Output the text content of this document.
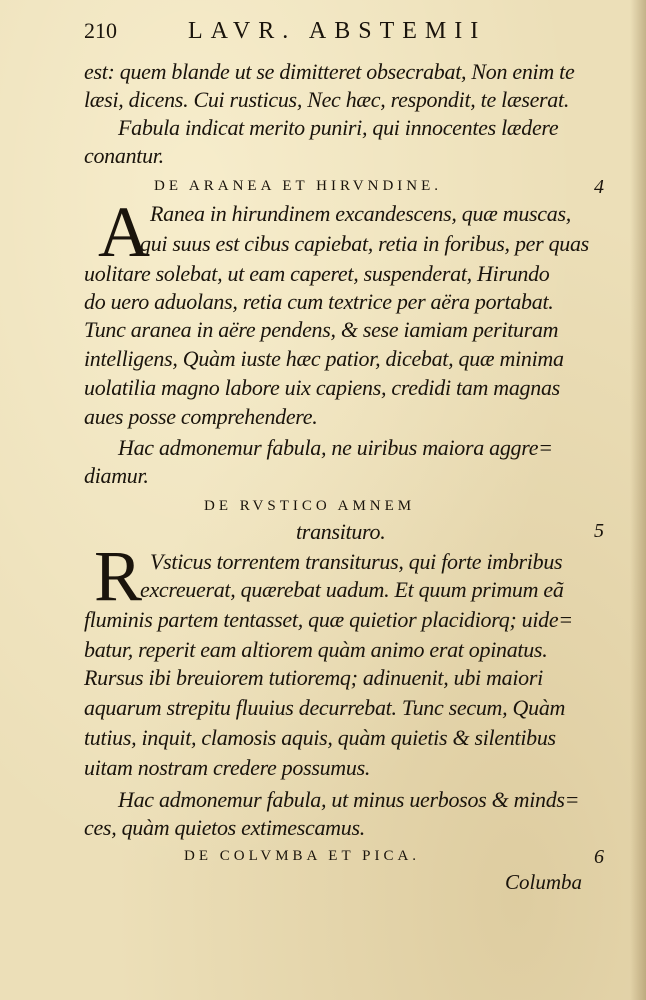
210	LAVR. ABSTEMII
est: quem blande ut se dimitteret obsecrabat, Non enim te
læsi, dicens. Cui rusticus, Nec hæc, respondit, te læserat.
Fabula indicat merito puniri, qui innocentes lædere
conantur.
DE ARANEA ET HIRVNDINE.	4
A Ranea in hirundinem excandescens, quæ muscas,
qui suus est cibus capiebat, retia in foribus, per quas
uolitare solebat, ut eam caperet, suspenderat, Hirundo
do uero aduolans, retia cum textrice per aëra portabat.
Tunc aranea in aëre pendens, & sese iamiam perituram
intelligens, Quàm iuste hæc patior, dicebat, quæ minima
uolatilia magno labore uix capiens, credidi tam magnas
aues posse comprehendere.
Hac admonemur fabula, ne uiribus maiora aggre=
diamur.
DE RVSTICO AMNEM
transituro.	5
R Vsticus torrentem transiturus, qui forte imbribus
excreuerat, quærebat uadum. Et quum primum eã
fluminis partem tentasset, quæ quietior placidiorq; uide=
batur, reperit eam altiorem quàm animo erat opinatus.
Rursus ibi breuiorem tutioremq; adinuenit, ubi maiori
aquarum strepitu fluuius decurrebat. Tunc secum, Quàm
tutius, inquit, clamosis aquis, quàm quietis & silentibus
uitam nostram credere possumus.
Hac admonemur fabula, ut minus uerbosos & minds=
ces, quàm quietos extimescamus.
DE COLVMBA ET PICA.	6
Columba
